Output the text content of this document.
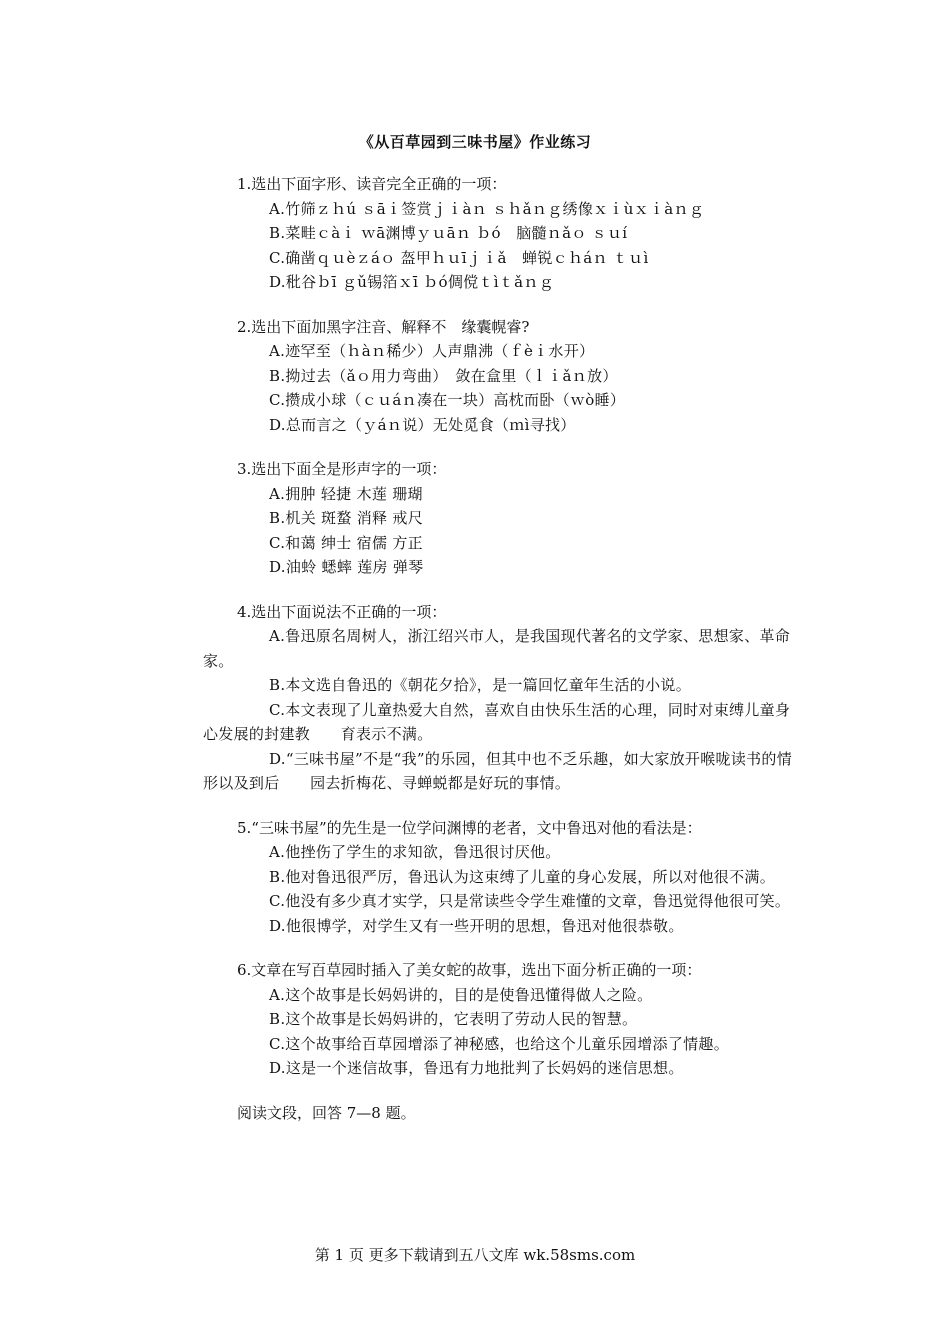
《从百草园到三味书屋》作业练习
1.选出下面字形、读音完全正确的一项：
A.竹筛ｚｈú ｓāｉ签赏ｊｉàｎ ｓｈǎｎｇ绣像ｘｉùｘｉàｎｇ
B.菜畦ｃàｉ ｗā渊博ｙｕāｎ ｂó　脑髓ｎǎｏ ｓｕí
C.确凿ｑｕèｚáｏ 盔甲ｈｕīｊｉǎ　蝉锐ｃｈáｎ ｔｕì
D.秕谷ｂī ｇǔ锡箔ｘī ｂó倜傥ｔìｔǎｎｇ
2.选出下面加黑字注音、解释不　缘囊幌睿?
A.迹罕至（ｈàｎ稀少）人声鼎沸（ｆèｉ水开）
B.拗过去（ǎｏ用力弯曲）　敛在盒里（ｌｉǎｎ放）
C.攒成小球（ｃｕáｎ凑在一块）高枕而卧（ｗò睡）
D.总而言之（ｙáｎ说）无处觅食（ｍì寻找）
3.选出下面全是形声字的一项：
A.拥肿 轻捷 木莲 珊瑚
B.机关 斑蝥 消释 戒尺
C.和蔼 绅士 宿儒 方正
D.油蛉 蟋蟀 莲房 弹琴
4.选出下面说法不正确的一项：
A.鲁迅原名周树人，浙江绍兴市人，是我国现代著名的文学家、思想家、革命家。
B.本文选自鲁迅的《朝花夕拾》，是一篇回忆童年生活的小说。
C.本文表现了儿童热爱大自然，喜欢自由快乐生活的心理，同时对束缚儿童身心发展的封建教　　育表示不满。
D.“三味书屋”不是“我”的乐园，但其中也不乏乐趣，如大家放开喉咙读书的情形以及到后　　园去折梅花、寻蝉蜕都是好玩的事情。
5.“三味书屋”的先生是一位学问渊博的老者，文中鲁迅对他的看法是：
A.他挫伤了学生的求知欲，鲁迅很讨厌他。
B.他对鲁迅很严厉，鲁迅认为这束缚了儿童的身心发展，所以对他很不满。
C.他没有多少真才实学，只是常读些令学生难懂的文章，鲁迅觉得他很可笑。
D.他很博学，对学生又有一些开明的思想，鲁迅对他很恭敬。
6.文章在写百草园时插入了美女蛇的故事，选出下面分析正确的一项：
A.这个故事是长妈妈讲的，目的是使鲁迅懂得做人之险。
B.这个故事是长妈妈讲的，它表明了劳动人民的智慧。
C.这个故事给百草园增添了神秘感，也给这个儿童乐园增添了情趣。
D.这是一个迷信故事，鲁迅有力地批判了长妈妈的迷信思想。
阅读文段，回答 7—8 题。
第 1 页 更多下载请到五八文库 wk.58sms.com
